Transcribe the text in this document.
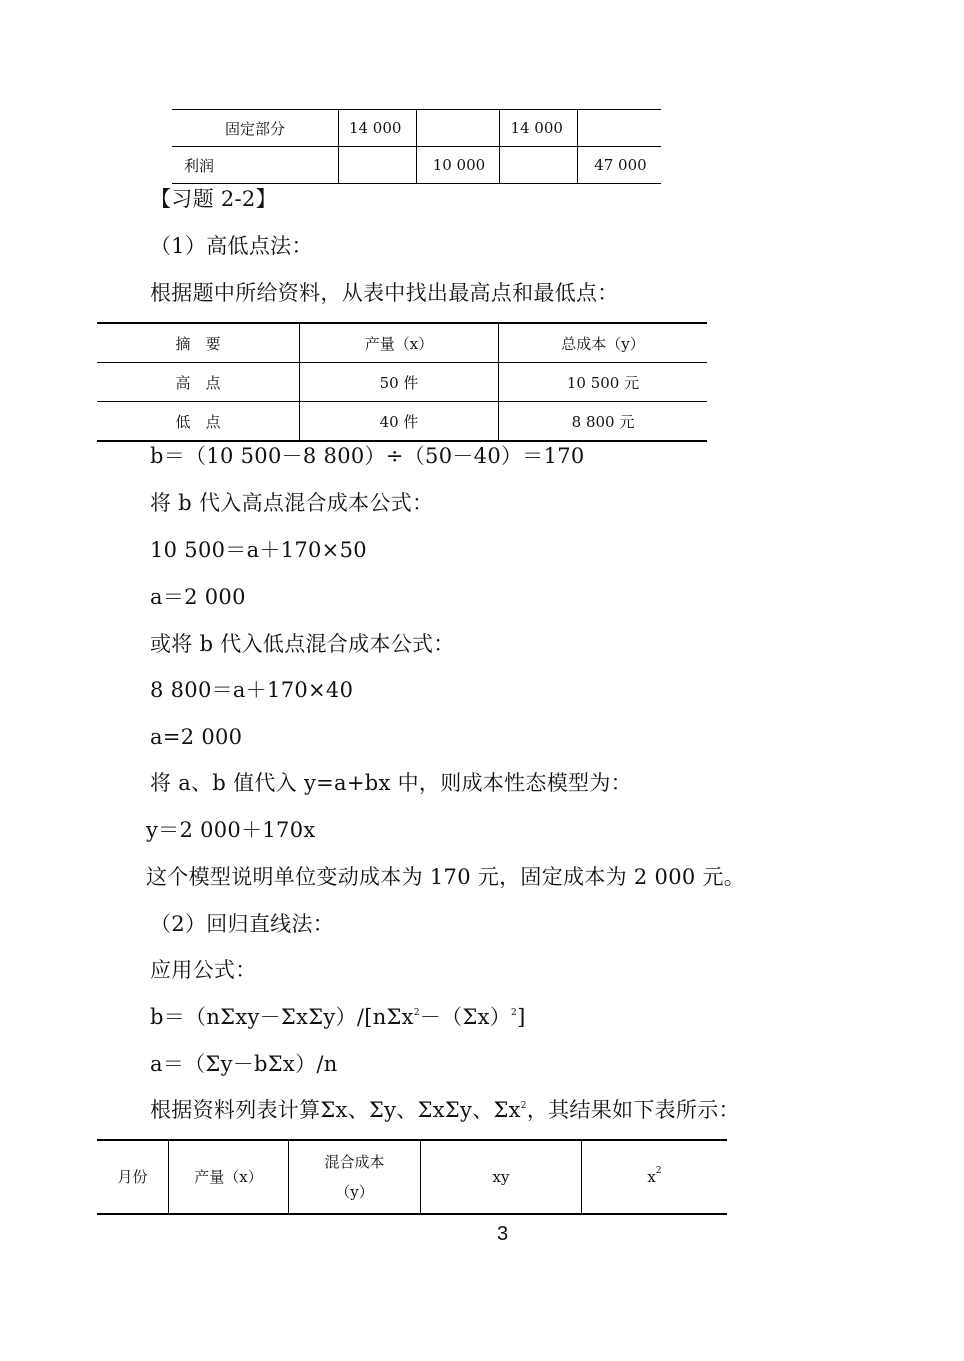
固定部分	14 000		14 000	
利润		10 000		47 000
【习题 2-2】
（1）高低点法：
根据题中所给资料，从表中找出最高点和最低点：
摘　要	产量（x）	总成本（y）
高　点	50 件	10 500 元
低　点	40 件	8 800 元
b＝（10 500－8 800）÷（50－40）＝170
将 b 代入高点混合成本公式：
10 500＝a＋170×50
a＝2 000
或将 b 代入低点混合成本公式：
8 800＝a＋170×40
a=2 000
将 a、b 值代入 y=a+bx 中，则成本性态模型为：
y＝2 000＋170x
这个模型说明单位变动成本为 170 元，固定成本为 2 000 元。
（2）回归直线法：
应用公式：
$b=(n\Sigma xy-\Sigma x\Sigma y)/[n\Sigma x^2-(\Sigma x)^2]$
a＝（Σy－bΣx）/n
根据资料列表计算Σx、Σy、ΣxΣy、$\Sigma x^2$，其结果如下表所示：
月份	产量（x）	
混合成本
（y）
	xy	$x^2$
3
